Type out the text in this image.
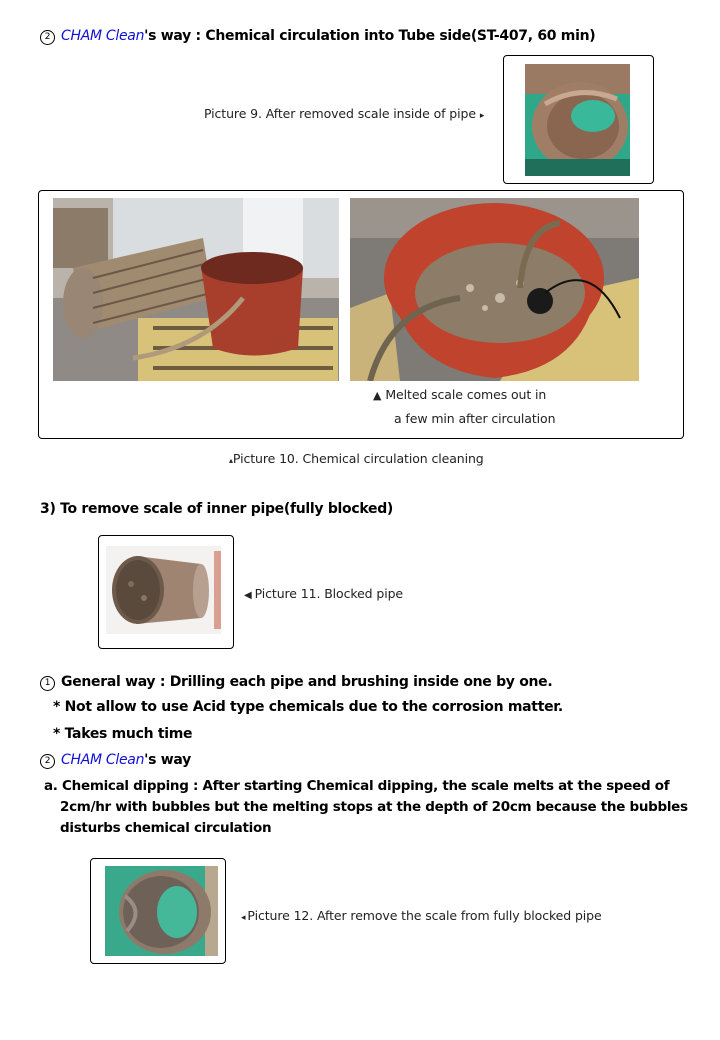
2 CHAM Clean's way : Chemical circulation into Tube side(ST-407, 60 min)
Picture 9. After removed scale inside of pipe ▸
▲ Melted scale comes out in
a few min after circulation
▴Picture 10. Chemical circulation cleaning
3) To remove scale of inner pipe(fully blocked)
◀ Picture 11. Blocked pipe
1 General way : Drilling each pipe and brushing inside one by one.
* Not allow to use Acid type chemicals due to the corrosion matter.
* Takes much time
2 CHAM Clean's way
a. Chemical dipping : After starting Chemical dipping, the scale melts at the speed of
2cm/hr with bubbles but the melting stops at the depth of 20cm because the bubbles
disturbs chemical circulation
◂ Picture 12. After remove the scale from fully blocked pipe
